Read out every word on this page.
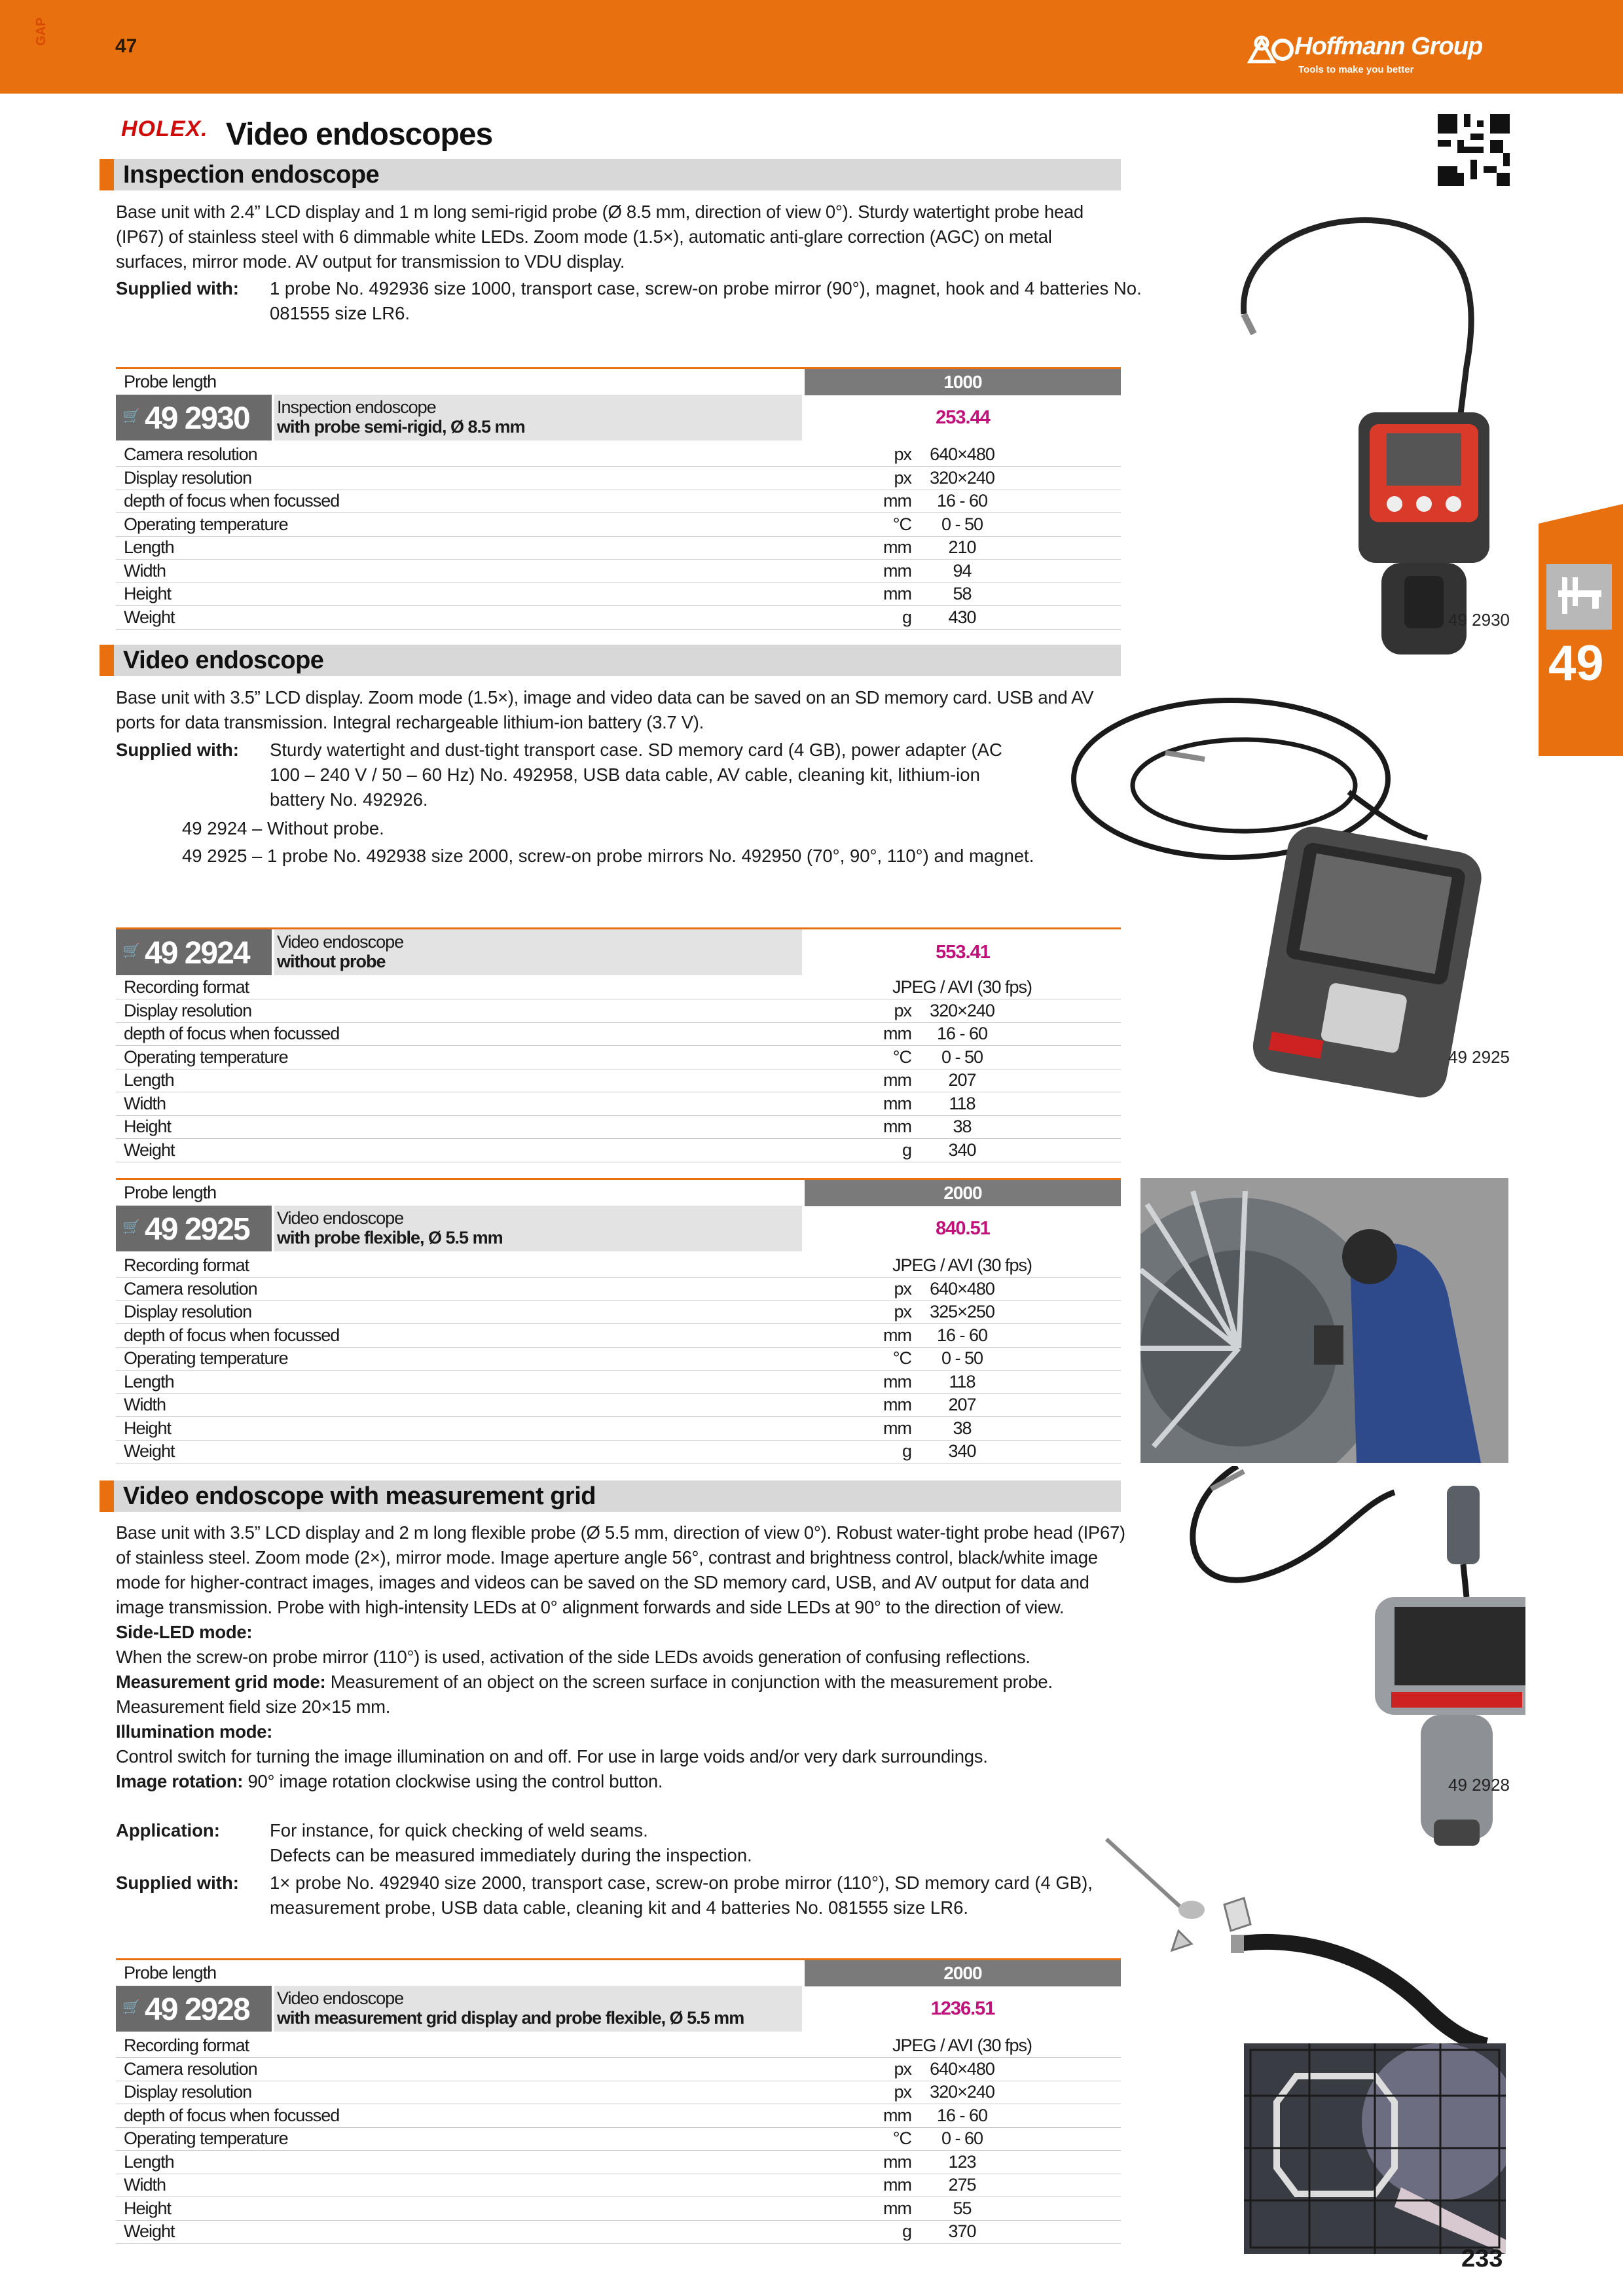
GAP
47	Hoffmann Group
Tools to make you better
HOLEX. Video endoscopes
49
Inspection endoscope

Base unit with 2.4” LCD display and 1 m long semi-rigid probe (Ø 8.5 mm, direction of view 0°). Sturdy watertight probe head (IP67) of stainless steel with 6 dimmable white LEDs. Zoom mode (1.5×), automatic anti-glare correction (AGC) on metal surfaces, mirror mode. AV output for transmission to VDU display.

Supplied with: 1 probe No. 492936 size 1000, transport case, screw-on probe mirror (90°), magnet, hook and 4 batteries No. 081555 size LR6.
Probe length	1000
🛒 49 2930 Inspection endoscope
with probe semi-rigid, Ø 8.5 mm	253.44
Camera resolution	px	640×480
Display resolution	px	320×240
depth of focus when focussed	mm	16 - 60
Operating temperature	°C	0 - 50
Length	mm	210
Width	mm	94
Height	mm	58
Weight	g	430
Video endoscope

Base unit with 3.5” LCD display. Zoom mode (1.5×), image and video data can be saved on an SD memory card. USB and AV ports for data transmission. Integral rechargeable lithium-ion battery (3.7 V).

Supplied with: Sturdy watertight and dust-tight transport case. SD memory card (4 GB), power adapter (AC 100 – 240 V / 50 – 60 Hz) No. 492958, USB data cable, AV cable, cleaning kit, lithium-ion battery No. 492926.
49 2924 – Without probe.
49 2925 – 1 probe No. 492938 size 2000, screw-on probe mirrors No. 492950 (70°, 90°, 110°) and magnet.
🛒 49 2924 Video endoscope
without probe	553.41
Recording format	JPEG / AVI (30 fps)
Display resolution	px	320×240
depth of focus when focussed	mm	16 - 60
Operating temperature	°C	0 - 50
Length	mm	207
Width	mm	118
Height	mm	38
Weight	g	340
Probe length	2000
🛒 49 2925 Video endoscope
with probe flexible, Ø 5.5 mm	840.51
Recording format	JPEG / AVI (30 fps)
Camera resolution	px	640×480
Display resolution	px	325×250
depth of focus when focussed	mm	16 - 60
Operating temperature	°C	0 - 50
Length	mm	118
Width	mm	207
Height	mm	38
Weight	g	340
Video endoscope with measurement grid

Base unit with 3.5” LCD display and 2 m long flexible probe (Ø 5.5 mm, direction of view 0°). Robust water-tight probe head (IP67) of stainless steel. Zoom mode (2×), mirror mode. Image aperture angle 56°, contrast and brightness control, black/white image mode for higher-contract images, images and videos can be saved on the SD memory card, USB, and AV output for data and image transmission. Probe with high-intensity LEDs at 0° alignment forwards and side LEDs at 90° to the direction of view.

Side-LED mode:

When the screw-on probe mirror (110°) is used, activation of the side LEDs avoids generation of confusing reflections.

Measurement grid mode: Measurement of an object on the screen surface in conjunction with the measurement probe. Measurement field size 20×15 mm.

Illumination mode:

Control switch for turning the image illumination on and off. For use in large voids and/or very dark surroundings.

Image rotation: 90° image rotation clockwise using the control button.

Application:	For instance, for quick checking of weld seams.
Defects can be measured immediately during the inspection.
Supplied with: 1× probe No. 492940 size 2000, transport case, screw-on probe mirror (110°), SD memory card (4 GB), measurement probe, USB data cable, cleaning kit and 4 batteries No. 081555 size LR6.
Probe length	2000
🛒 49 2928 Video endoscope
with measurement grid display and probe flexible, Ø 5.5 mm	1236.51
Recording format	JPEG / AVI (30 fps)
Camera resolution	px	640×480
Display resolution	px	320×240
depth of focus when focussed	mm	16 - 60
Operating temperature	°C	0 - 60
Length	mm	123
Width	mm	275
Height	mm	55
Weight	g	370
49 2930
49 2925
49 2928
233
